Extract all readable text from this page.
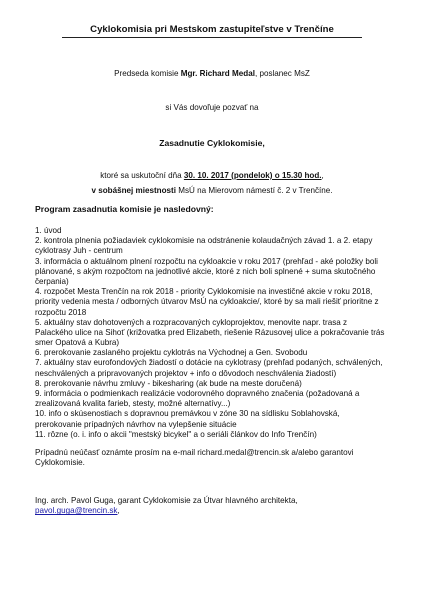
Cyklokomisia pri Mestskom zastupiteľstve v Trenčíne
Predseda komisie Mgr. Richard Medal, poslanec MsZ
si Vás dovoľuje pozvať na
Zasadnutie Cyklokomisie,
ktoré sa uskutoční dňa 30. 10. 2017 (pondelok) o 15.30 hod.,
v sobášnej miestnosti MsÚ na Mierovom námestí č. 2 v Trenčíne.
Program zasadnutia komisie je nasledovný:

1. úvod

2. kontrola plnenia požiadaviek cyklokomisie na odstránenie kolaudačných závad 1. a 2. etapy cyklotrasy Juh - centrum

3. informácia o aktuálnom plnení rozpočtu na cykloakcie v roku 2017 (prehľad - aké položky boli plánované, s akým rozpočtom na jednotlivé akcie, ktoré z nich boli splnené + suma skutočného čerpania)

4. rozpočet Mesta Trenčín na rok 2018 - priority Cyklokomisie na investičné akcie v roku 2018, priority vedenia mesta / odborných útvarov MsÚ na cykloakcie/, ktoré by sa mali riešiť prioritne z rozpočtu 2018

5. aktuálny stav dohotovených a rozpracovaných cykloprojektov, menovite napr. trasa z Palackého ulice na Sihoť (križovatka pred Elizabeth, riešenie Rázusovej ulice a pokračovanie trás smer Opatová a Kubra)

6. prerokovanie zaslaného projektu cyklotrás na Východnej a Gen. Svobodu

7. aktuálny stav eurofondových žiadostí o dotácie na cyklotrasy (prehľad podaných, schválených, neschválených a pripravovaných projektov + info o dôvodoch neschválenia žiadostí)

8. prerokovanie návrhu zmluvy - bikesharing (ak bude na meste doručená)

9. informácia o podmienkach realizácie vodorovného dopravného značenia (požadovaná a zrealizovaná kvalita farieb, stesty, možné alternatívy...)

10. info o skúsenostiach s dopravnou premávkou v zóne 30 na sídlisku Soblahovská, prerokovanie prípadných návrhov na vylepšenie situácie

11. rôzne (o. i. info o akcii "mestský bicykel" a o seriáli článkov do Info Trenčín)

Prípadnú neúčasť oznámte prosím na e-mail richard.medal@trencin.sk a/alebo garantovi Cyklokomisie.
Ing. arch. Pavol Guga, garant Cyklokomisie za Útvar hlavného architekta,
pavol.guga@trencin.sk,
